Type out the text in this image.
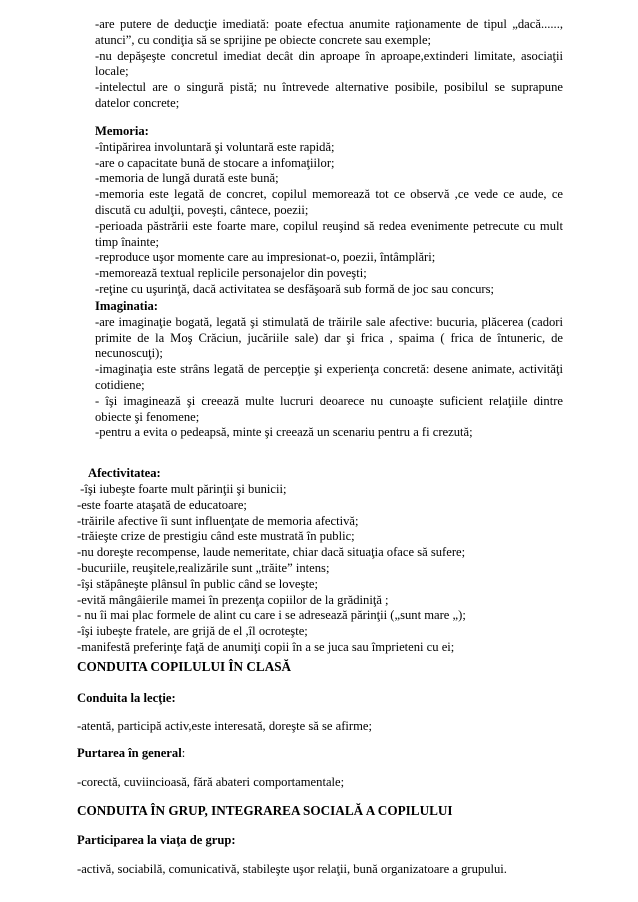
-are putere de deducţie imediată: poate efectua anumite raţionamente de tipul „dacă......, atunci”, cu condiţia să se sprijine pe obiecte concrete sau exemple;

-nu depăşeşte concretul imediat decât din aproape în aproape,extinderi limitate, asociaţii locale;

-intelectul are o singură pistă; nu întrevede alternative posibile, posibilul se suprapune datelor concrete;

Memoria:

-întipărirea involuntară şi voluntară este rapidă;

-are o capacitate bună de stocare a infomaţiilor;

-memoria de lungă durată este bună;

-memoria este legată de concret, copilul memorează tot ce observă ,ce vede ce aude, ce discută cu adulţii, poveşti, cântece, poezii;

-perioada păstrării este foarte mare, copilul reuşind să redea evenimente petrecute cu mult timp înainte;

-reproduce uşor momente care au impresionat-o, poezii, întâmplări;

-memorează textual replicile personajelor din poveşti;

-reţine cu uşurinţă, dacă activitatea se desfăşoară sub formă de joc sau concurs;

Imaginatia:

-are imaginaţie bogată, legată şi stimulată de trăirile sale afective: bucuria, plăcerea (cadori primite de la Moş Crăciun, jucăriile sale) dar şi frica , spaima ( frica de întuneric, de necunoscuţi);

-imaginaţia este strâns legată de percepţie şi experienţa concretă: desene animate, activităţi cotidiene;

- îşi imaginează şi creează multe lucruri deoarece nu cunoaşte suficient relaţiile dintre obiecte şi fenomene;

-pentru a evita o pedeapsă, minte şi creează un scenariu pentru a fi crezută;

Afectivitatea:

-îşi iubeşte foarte mult părinţii şi bunicii;

-este foarte ataşată de educatoare;

-trăirile afective îi sunt influenţate de memoria afectivă;

-trăieşte crize de prestigiu când este mustrată în public;

-nu doreşte recompense, laude nemeritate, chiar dacă situaţia oface să sufere;

-bucuriile, reuşitele,realizările sunt „trăite” intens;

-îşi stăpâneşte plânsul în public când se loveşte;

-evită mângâierile mamei în prezenţa copiilor de la grădiniţă ;

- nu îi mai plac formele de alint cu care i se adresează părinţii („sunt mare „);

-îşi iubeşte fratele, are grijă de el ,îl ocroteşte;

-manifestă preferinţe faţă de anumiţi copii în a se juca sau împrieteni cu ei;

CONDUITA COPILULUI ÎN CLASĂ

Conduita la lecţie:

-atentă, participă activ,este interesată, doreşte să se afirme;

Purtarea în general:

-corectă, cuviincioasă, fără abateri comportamentale;

CONDUITA ÎN GRUP, INTEGRAREA SOCIALĂ A COPILULUI

Participarea la viaţa de grup:

-activă, sociabilă, comunicativă, stabileşte uşor relaţii, bună organizatoare a grupului.
